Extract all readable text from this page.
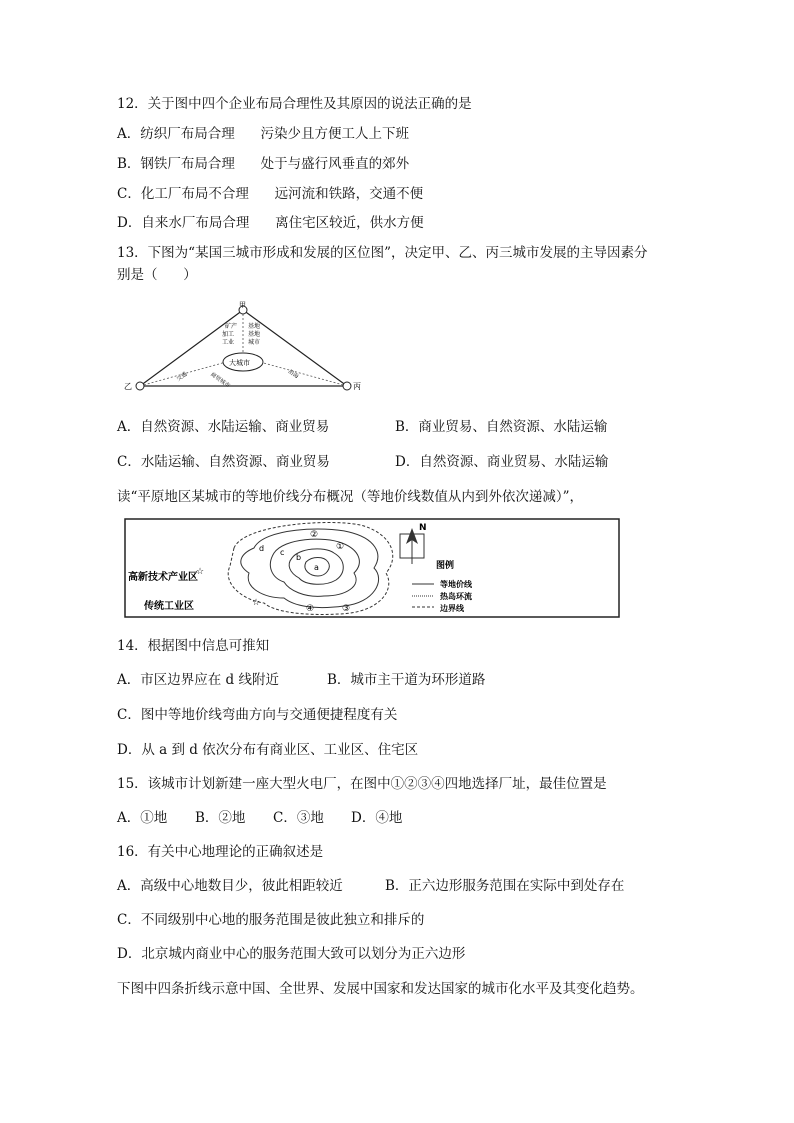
12．关于图中四个企业布局合理性及其原因的说法正确的是
A．纺织厂布局合理      污染少且方便工人上下班
B．钢铁厂布局合理      处于与盛行风垂直的郊外
C．化工厂布局不合理      远河流和铁路，交通不便
D．自来水厂布局合理      离住宅区较近，供水方便
13．下图为“某国三城市形成和发展的区位图”，决定甲、乙、丙三城市发展的主导因素分
别是（      ）
甲
乙	丙
大城市
矿产
加工
工业
基地
基地
城市
商贸城市
交通	沿海
A．自然资源、水陆运输、商业贸易	B．商业贸易、自然资源、水陆运输
C．水陆运输、自然资源、商业贸易	D．自然资源、商业贸易、水陆运输
读“平原地区某城市的等地价线分布概况（等地价线数值从内到外依次递减）”，
a
b
c
d	①
②
③
④
高新技术产业区
传统工业区
☆
☆
N
图例
等地价线
热岛环流
边界线
14．根据图中信息可推知
A．市区边界应在 d 线附近	B．城市主干道为环形道路
C．图中等地价线弯曲方向与交通便捷程度有关
D．从 a 到 d 依次分布有商业区、工业区、住宅区
15．该城市计划新建一座大型火电厂，在图中①②③④四地选择厂址，最佳位置是
A．①地 B．②地 C．③地 D．④地
16．有关中心地理论的正确叙述是
A．高级中心地数目少，彼此相距较近	B．正六边形服务范围在实际中到处存在
C．不同级别中心地的服务范围是彼此独立和排斥的
D．北京城内商业中心的服务范围大致可以划分为正六边形
下图中四条折线示意中国、全世界、发展中国家和发达国家的城市化水平及其变化趋势。
